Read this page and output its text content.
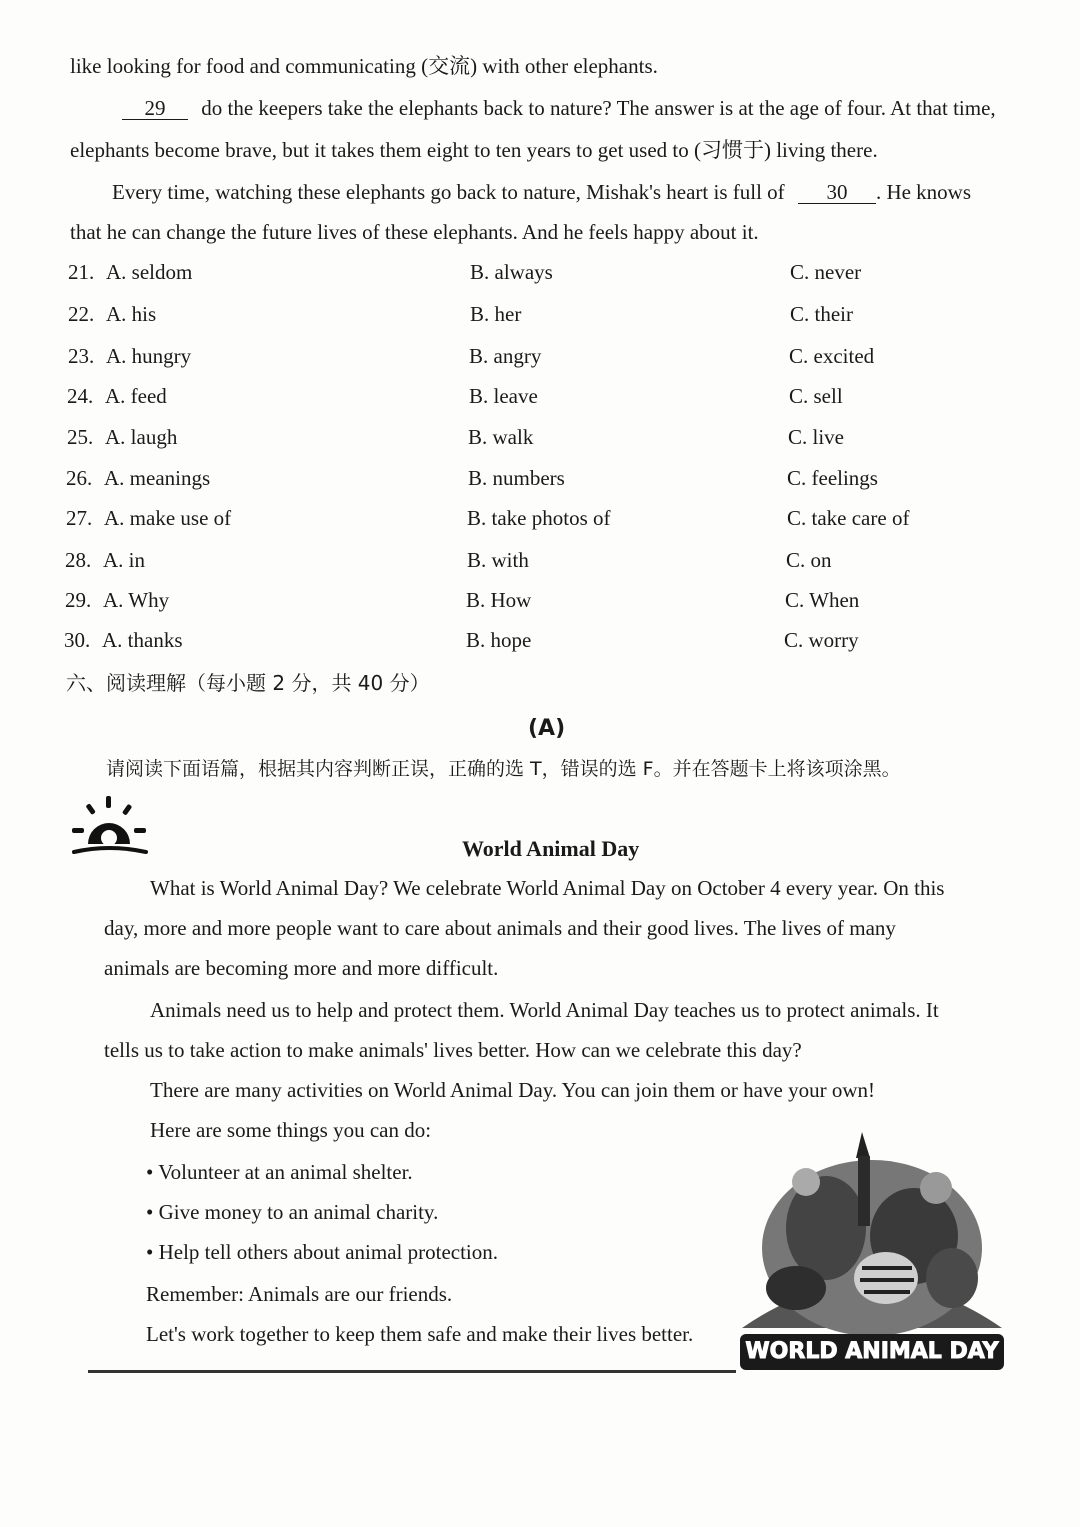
like looking for food and communicating (交流) with other elephants.
29 do the keepers take the elephants back to nature? The answer is at the age of four. At that time,
elephants become brave, but it takes them eight to ten years to get used to (习惯于) living there.
Every time, watching these elephants go back to nature, Mishak's heart is full of 30 . He knows
that he can change the future lives of these elephants. And he feels happy about it.
21. A. seldom	B. always	C. never
22. A. his	B. her	C. their
23. A. hungry	B. angry	C. excited
24. A. feed	B. leave	C. sell
25. A. laugh	B. walk	C. live
26. A. meanings	B. numbers	C. feelings
27. A. make use of	B. take photos of	C. take care of
28. A. in	B. with	C. on
29. A. Why	B. How	C. When
30. A. thanks	B. hope	C. worry
六、阅读理解（每小题 2 分，共 40 分）
(A)
请阅读下面语篇，根据其内容判断正误，正确的选 T，错误的选 F。并在答题卡上将该项涂黑。
World Animal Day
What is World Animal Day? We celebrate World Animal Day on October 4 every year. On this
day, more and more people want to care about animals and their good lives. The lives of many
animals are becoming more and more difficult.
Animals need us to help and protect them. World Animal Day teaches us to protect animals. It
tells us to take action to make animals' lives better. How can we celebrate this day?
There are many activities on World Animal Day. You can join them or have your own!
Here are some things you can do:
• Volunteer at an animal shelter.
• Give money to an animal charity.
• Help tell others about animal protection.
Remember: Animals are our friends.
Let's work together to keep them safe and make their lives better.
WORLD ANIMAL DAY
